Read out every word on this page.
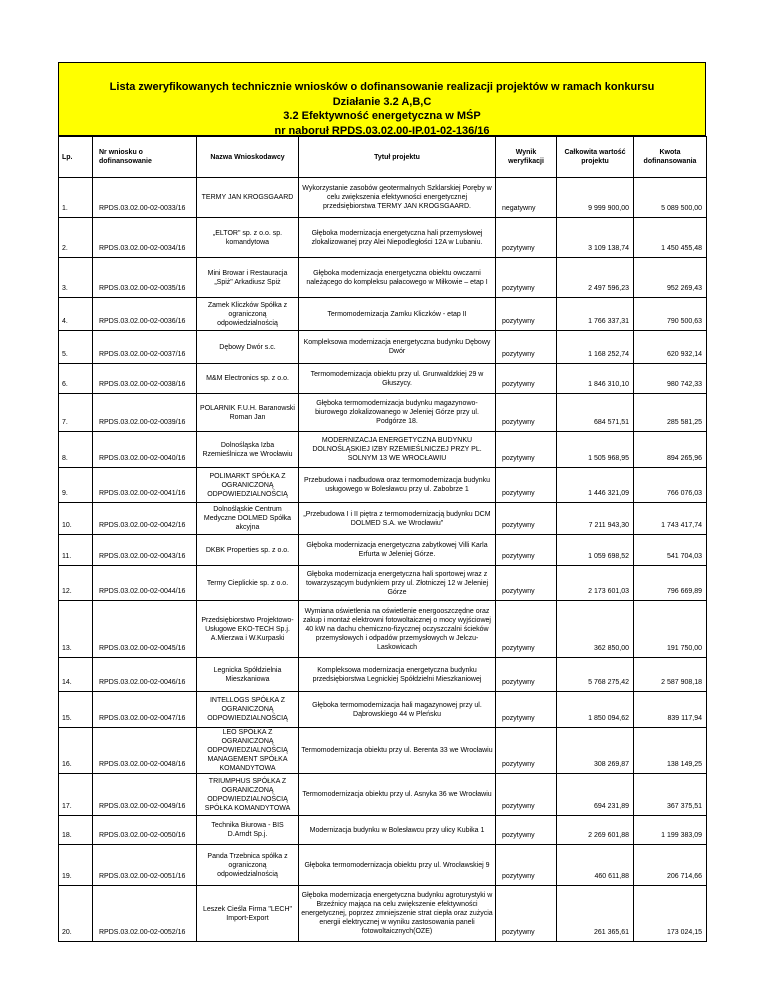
Lista zweryfikowanych technicznie wniosków o dofinansowanie realizacji projektów w ramach konkursu
Działanie 3.2 A,B,C
3.2 Efektywność energetyczna w MŚP
nr naboruł RPDS.03.02.00-IP.01-02-136/16
Lp.	Nr wniosku o dofinansowanie	Nazwa Wnioskodawcy	Tytuł projektu	Wynik weryfikacji	Całkowita wartość projektu	Kwota dofinansowania
1.	RPDS.03.02.00-02-0033/16	TERMY JAN KROGSGAARD	Wykorzystanie zasobów geotermalnych Szklarskiej Poręby w celu zwiększenia efektywności energetycznej przedsiębiorstwa TERMY JAN KROGSGAARD.	negatywny	9 999 900,00	5 089 500,00
2.	RPDS.03.02.00-02-0034/16	„ELTOR" sp. z o.o. sp. komandytowa	Głęboka modernizacja energetyczna hali przemysłowej zlokalizowanej przy Alei Niepodległości 12A w Lubaniu.	pozytywny	3 109 138,74	1 450 455,48
3.	RPDS.03.02.00-02-0035/16	Mini Browar i Restauracja „Spiż" Arkadiusz Spiż	Głęboka modernizacja energetyczna obiektu owczarni należącego do kompleksu pałacowego w Miłkowie – etap I	pozytywny	2 497 596,23	952 269,43
4.	RPDS.03.02.00-02-0036/16	Zamek Kliczków Spółka z ograniczoną odpowiedzialnością	Termomodernizacja Zamku Kliczków - etap II	pozytywny	1 766 337,31	790 500,63
5.	RPDS.03.02.00-02-0037/16	Dębowy Dwór s.c.	Kompleksowa modernizacja energetyczna budynku Dębowy Dwór	pozytywny	1 168 252,74	620 932,14
6.	RPDS.03.02.00-02-0038/16	M&M Electronics sp. z o.o.	Termomodernizacja obiektu przy ul. Grunwaldzkiej 29 w Głuszycy.	pozytywny	1 846 310,10	980 742,33
7.	RPDS.03.02.00-02-0039/16	POLARNIK F.U.H. Baranowski Roman Jan	Głęboka termomodernizacja budynku magazynowo-biurowego zlokalizowanego w Jeleniej Górze przy ul. Podgórze 18.	pozytywny	684 571,51	285 581,25
8.	RPDS.03.02.00-02-0040/16	Dolnośląska Izba Rzemieślnicza we Wrocławiu	MODERNIZACJA ENERGETYCZNA BUDYNKU DOLNOŚLĄSKIEJ IZBY RZEMIEŚLNICZEJ PRZY PL. SOLNYM 13 WE WROCŁAWIU	pozytywny	1 505 968,95	894 265,96
9.	RPDS.03.02.00-02-0041/16	POLIMARKT SPÓŁKA Z OGRANICZONĄ ODPOWIEDZIALNOŚCIĄ	Przebudowa i nadbudowa oraz termomodernizacja budynku usługowego w Bolesławcu przy ul. Zabobrze 1	pozytywny	1 446 321,09	766 076,03
10.	RPDS.03.02.00-02-0042/16	Dolnośląskie Centrum Medyczne DOLMED Spółka akcyjna	„Przebudowa I i II piętra z termomodernizacją budynku DCM DOLMED S.A. we Wrocławiu"	pozytywny	7 211 943,30	1 743 417,74
11.	RPDS.03.02.00-02-0043/16	DKBK Properties sp. z o.o.	Głęboka modernizacja energetyczna zabytkowej Villi Karla Erfurta w Jeleniej Górze.	pozytywny	1 059 698,52	541 704,03
12.	RPDS.03.02.00-02-0044/16	Termy Cieplickie sp. z o.o.	Głęboka modernizacja energetyczna hali sportowej wraz z towarzyszącym budynkiem przy ul. Złotniczej 12 w Jeleniej Górze	pozytywny	2 173 601,03	796 669,89
13.	RPDS.03.02.00-02-0045/16	Przedsiębiorstwo Projektowo-Usługowe EKO-TECH Sp.j. A.Mierzwa i W.Kurpaski	Wymiana oświetlenia na oświetlenie energooszczędne oraz zakup i montaż elektrowni fotowoltaicznej o mocy wyjściowej 40 kW na dachu chemiczno-fizycznej oczyszczalni ścieków przemysłowych i odpadów przemysłowych w Jelczu-Laskowicach	pozytywny	362 850,00	191 750,00
14.	RPDS.03.02.00-02-0046/16	Legnicka Spółdzielnia Mieszkaniowa	Kompleksowa modernizacja energetyczna budynku przedsiębiorstwa Legnickiej Spółdzielni Mieszkaniowej	pozytywny	5 768 275,42	2 587 908,18
15.	RPDS.03.02.00-02-0047/16	INTELLOGS SPÓŁKA Z OGRANICZONĄ ODPOWIEDZIALNOŚCIĄ	Głęboka termomodernizacja hali magazynowej przy ul. Dąbrowskiego 44 w Pleńsku	pozytywny	1 850 094,62	839 117,94
16.	RPDS.03.02.00-02-0048/16	LEO SPÓŁKA Z OGRANICZONĄ ODPOWIEDZIALNOŚCIĄ MANAGEMENT SPÓŁKA KOMANDYTOWA	Termomodernizacja obiektu przy ul. Berenta 33 we Wrocławiu	pozytywny	308 269,87	138 149,25
17.	RPDS.03.02.00-02-0049/16	TRIUMPHUS SPÓŁKA Z OGRANICZONĄ ODPOWIEDZIALNOŚCIĄ SPÓŁKA KOMANDYTOWA	Termomodernizacja obiektu przy ul. Asnyka 36 we Wrocławiu	pozytywny	694 231,89	367 375,51
18.	RPDS.03.02.00-02-0050/16	Technika Biurowa - BIS D.Arndt Sp.j.	Modernizacja budynku w Bolesławcu przy ulicy Kubika 1	pozytywny	2 269 601,88	1 199 383,09
19.	RPDS.03.02.00-02-0051/16	Panda Trzebnica spółka z ograniczoną odpowiedzialnością	Głęboka termomodernizacja obiektu przy ul. Wrocławskiej 9	pozytywny	460 611,88	206 714,66
20.	RPDS.03.02.00-02-0052/16	Leszek Cieśla Firma "LECH" Import-Export	Głęboka modernizacja energetyczna budynku agroturystyki w Brzeźnicy mająca na celu zwiększenie efektywności energetycznej, poprzez zmniejszenie strat ciepła oraz zużycia energii elektrycznej w wyniku zastosowania paneli fotowoltaicznych(OZE)	pozytywny	261 365,61	173 024,15
